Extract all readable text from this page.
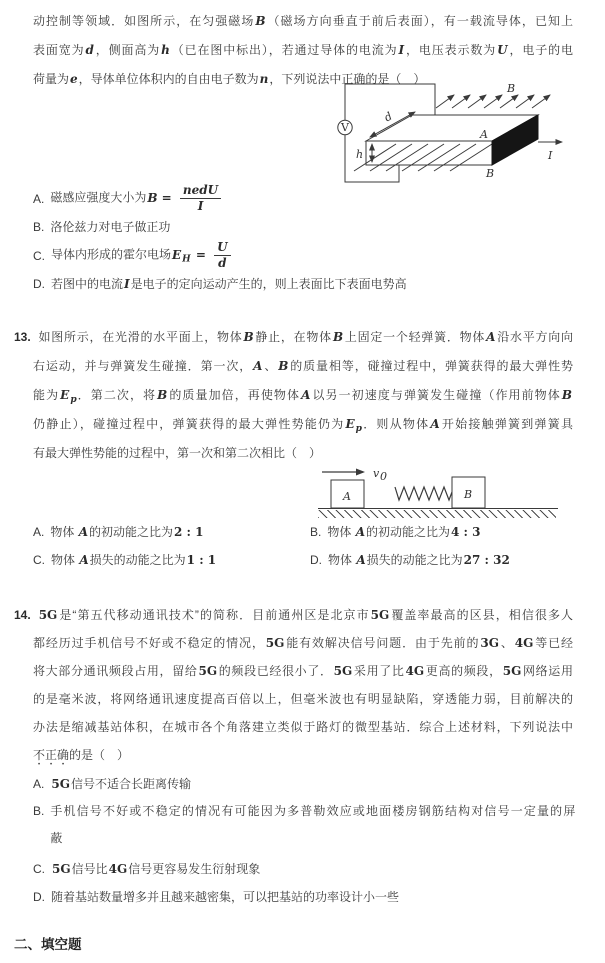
动控制等领域．如图所示，在匀强磁场B（磁场方向垂直于前后表面），有一载流导体，已知上
表面宽为d，侧面高为h（已在图中标出），若通过导体的电流为I，电压表示数为U，电子的电
荷量为e，导体单位体积内的自由电子数为n，下列说法中正确的是（　）
V
d
h
B
A
B
I
A. 磁感应强度大小为$B = \frac{\text{nedU}}{I}$
B. 洛伦兹力对电子做正功
C. 导体内形成的霍尔电场$E_H = \frac{U}{d}$
D. 若图中的电流I是电子的定向运动产生的，则上表面比下表面电势高
13. 如图所示，在光滑的水平面上，物体B静止，在物体B上固定一个轻弹簧．物体A沿水平方向向
右运动，并与弹簧发生碰撞．第一次，A、B的质量相等，碰撞过程中，弹簧获得的最大弹性势
能为$E_p$．第二次，将B的质量加倍，再使物体A以另一初速度与弹簧发生碰撞（作用前物体B
仍静止），碰撞过程中，弹簧获得的最大弹性势能仍为$E_p$．则从物体A开始接触弹簧到弹簧具
有最大弹性势能的过程中，第一次和第二次相比（　）
v 0
A	B
A. 物体 A的初动能之比为2 : 1	B. 物体 A的初动能之比为4 : 3
C. 物体 A损失的动能之比为1 : 1	D. 物体 A损失的动能之比为27 : 32
14. 5G是“第五代移动通讯技术”的简称．目前通州区是北京市5G覆盖率最高的区县，相信很多人
都经历过手机信号不好或不稳定的情况，5G能有效解决信号问题．由于先前的3G、4G等已经
将大部分通讯频段占用，留给5G的频段已经很小了．5G采用了比4G更高的频段，5G网络运用
的是毫米波，将网络通讯速度提高百倍以上，但毫米波也有明显缺陷，穿透能力弱，目前解决的
办法是缩减基站体积，在城市各个角落建立类似于路灯的微型基站．综合上述材料，下列说法中
不正确的是（　）
A. 5G信号不适合长距离传输
B. 手机信号不好或不稳定的情况有可能因为多普勒效应或地面楼房钢筋结构对信号一定量的屏
蔽
C. 5G信号比4G信号更容易发生衍射现象
D. 随着基站数量增多并且越来越密集，可以把基站的功率设计小一些
二、填空题
